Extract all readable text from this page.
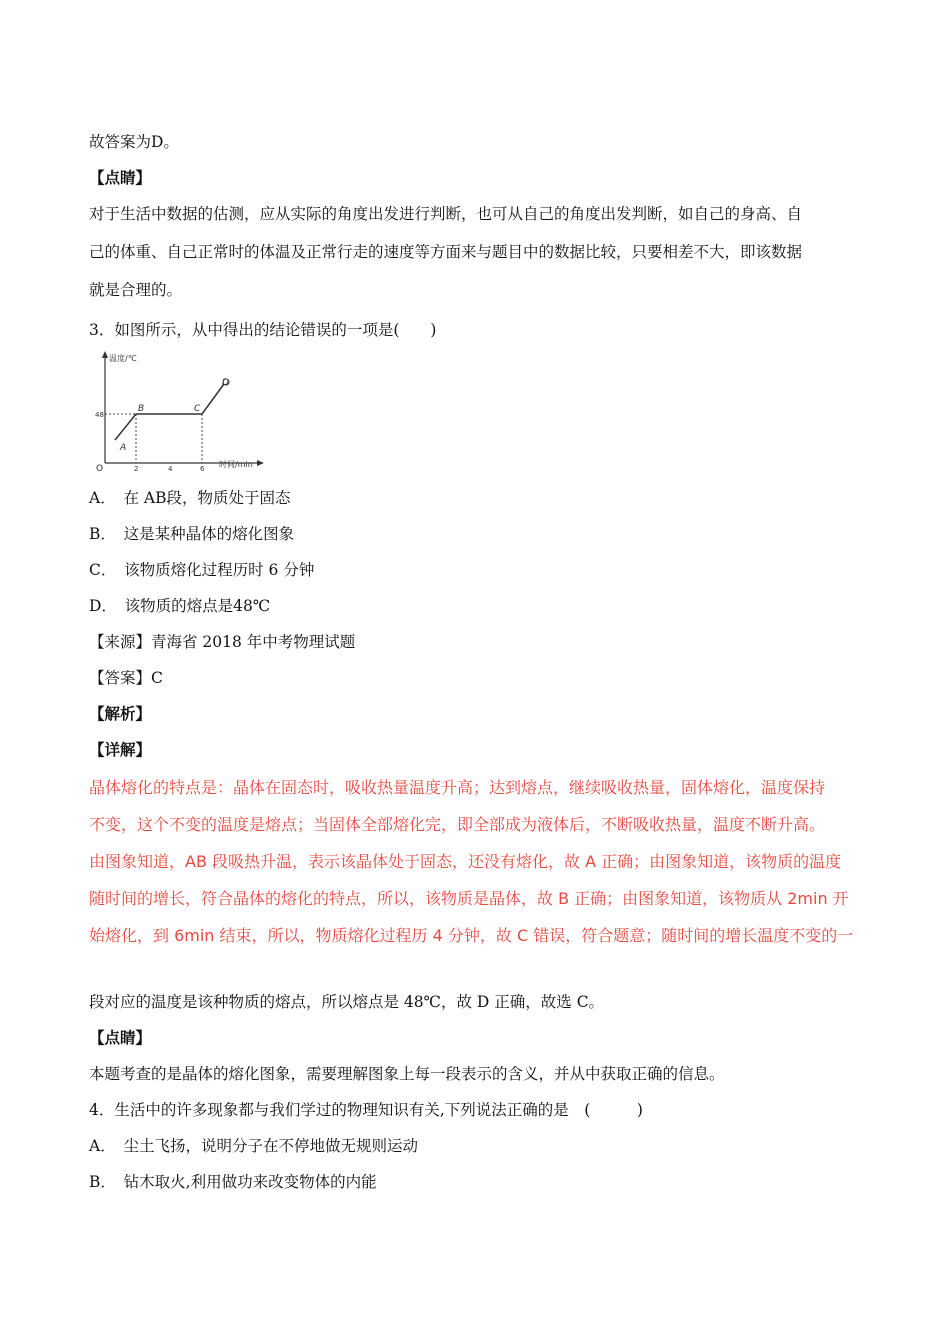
故答案为D。
【点睛】
对于生活中数据的估测，应从实际的角度出发进行判断，也可从自己的角度出发判断，如自己的身高、自
己的体重、自己正常时的体温及正常行走的速度等方面来与题目中的数据比较，只要相差不大，即该数据
就是合理的。
3．如图所示，从中得出的结论错误的一项是(　　)
温度/℃
时间/min
O
48
2	4	6
A
B	C
D
A．　在 AB段，物质处于固态
B．　这是某种晶体的熔化图象
C．　该物质熔化过程历时 6 分钟
D．　该物质的熔点是48℃
【来源】青海省 2018 年中考物理试题
【答案】C
【解析】
【详解】
晶体熔化的特点是：晶体在固态时，吸收热量温度升高；达到熔点，继续吸收热量，固体熔化，温度保持
不变，这个不变的温度是熔点；当固体全部熔化完，即全部成为液体后，不断吸收热量，温度不断升高。
由图象知道，AB 段吸热升温，表示该晶体处于固态，还没有熔化，故 A 正确；由图象知道，该物质的温度
随时间的增长，符合晶体的熔化的特点，所以，该物质是晶体，故 B 正确；由图象知道，该物质从 2min 开
始熔化，到 6min 结束，所以，物质熔化过程历 4 分钟，故 C 错误，符合题意；随时间的增长温度不变的一
段对应的温度是该种物质的熔点，所以熔点是 48℃，故 D 正确，故选 C。
【点睛】
本题考查的是晶体的熔化图象，需要理解图象上每一段表示的含义，并从中获取正确的信息。
4．生活中的许多现象都与我们学过的物理知识有关,下列说法正确的是　(　　　)
A．　尘土飞扬，说明分子在不停地做无规则运动
B．　钻木取火,利用做功来改变物体的内能
